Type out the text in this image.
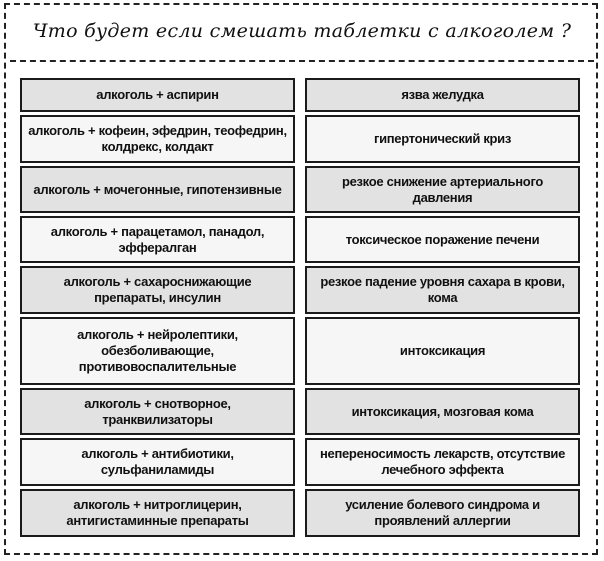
Что будет если смешать таблетки с алкоголем ?
алкоголь + аспирин	язва желудка
алкоголь + кофеин, эфедрин, теофедрин, колдрекс, колдакт
гипертонический криз
алкоголь + мочегонные, гипотензивные
резкое снижение артериального давления
алкоголь + парацетамол, панадол, эффералган
токсическое поражение печени
алкоголь + сахароснижающие препараты, инсулин
резкое падение уровня сахара в крови, кома
алкоголь + нейролептики, обезболивающие, противовоспалительные
интоксикация
алкоголь + снотворное, транквилизаторы
интоксикация, мозговая кома
алкоголь + антибиотики, сульфаниламиды
непереносимость лекарств, отсутствие лечебного эффекта
алкоголь + нитроглицерин, антигистаминные препараты
усиление болевого синдрома и проявлений аллергии
